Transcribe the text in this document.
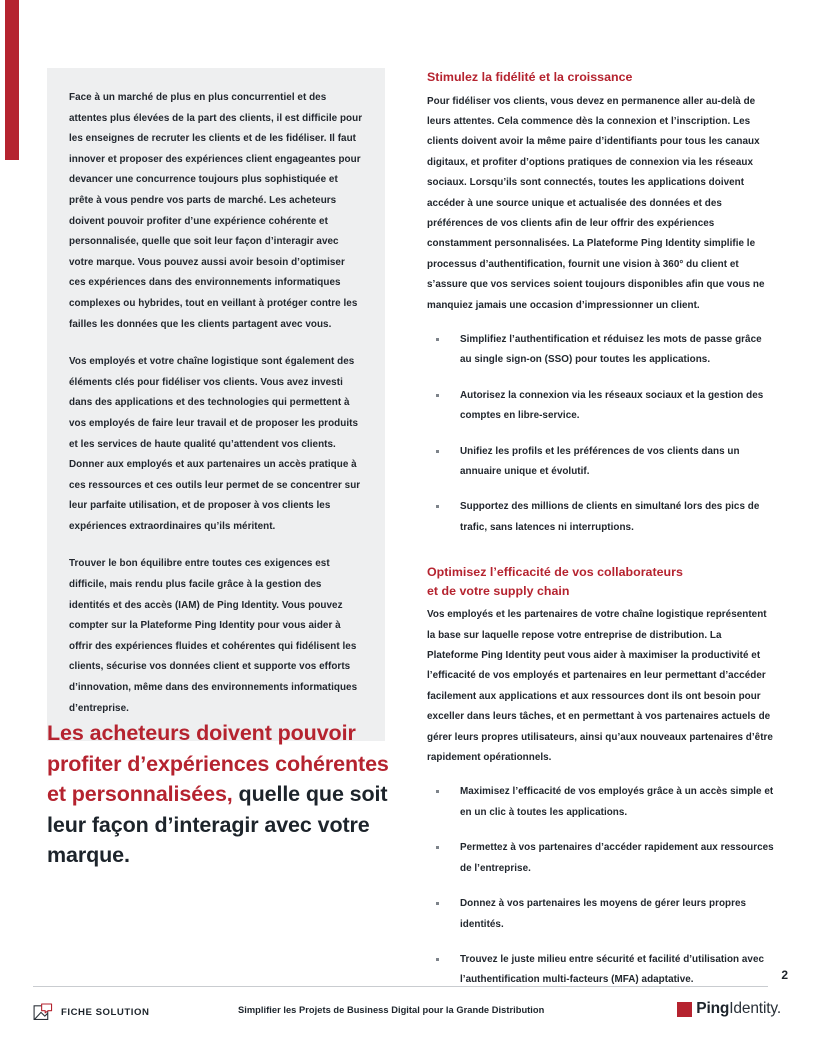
Face à un marché de plus en plus concurrentiel et des attentes plus élevées de la part des clients, il est difficile pour les enseignes de recruter les clients et de les fidéliser. Il faut innover et proposer des expériences client engageantes pour devancer une concurrence toujours plus sophistiquée et prête à vous pendre vos parts de marché. Les acheteurs doivent pouvoir profiter d’une expérience cohérente et personnalisée, quelle que soit leur façon d’interagir avec votre marque. Vous pouvez aussi avoir besoin d’optimiser ces expériences dans des environnements informatiques complexes ou hybrides, tout en veillant à protéger contre les failles les données que les clients partagent avec vous.

Vos employés et votre chaîne logistique sont également des éléments clés pour fidéliser vos clients. Vous avez investi dans des applications et des technologies qui permettent à vos employés de faire leur travail et de proposer les produits et les services de haute qualité qu’attendent vos clients. Donner aux employés et aux partenaires un accès pratique à ces ressources et ces outils leur permet de se concentrer sur leur parfaite utilisation, et de proposer à vos clients les expériences extraordinaires qu’ils méritent.

Trouver le bon équilibre entre toutes ces exigences est difficile, mais rendu plus facile grâce à la gestion des identités et des accès (IAM) de Ping Identity. Vous pouvez compter sur la Plateforme Ping Identity pour vous aider à offrir des expériences fluides et cohérentes qui fidélisent les clients, sécurise vos données client et supporte vos efforts d’innovation, même dans des environnements informatiques d’entreprise.

Les acheteurs doivent pouvoir profiter d’expériences cohérentes et personnalisées, quelle que soit leur façon d’interagir avec votre marque.
Stimulez la fidélité et la croissance

Pour fidéliser vos clients, vous devez en permanence aller au-delà de leurs attentes. Cela commence dès la connexion et l’inscription. Les clients doivent avoir la même paire d’identifiants pour tous les canaux digitaux, et profiter d’options pratiques de connexion via les réseaux sociaux. Lorsqu’ils sont connectés, toutes les applications doivent accéder à une source unique et actualisée des données et des préférences de vos clients afin de leur offrir des expériences constamment personnalisées. La Plateforme Ping Identity simplifie le processus d’authentification, fournit une vision à 360° du client et s’assure que vos services soient toujours disponibles afin que vous ne manquiez jamais une occasion d’impressionner un client.

Simplifiez l’authentification et réduisez les mots de passe grâce au single sign-on (SSO) pour toutes les applications.
Autorisez la connexion via les réseaux sociaux et la gestion des comptes en libre-service.
Unifiez les profils et les préférences de vos clients dans un annuaire unique et évolutif.
Supportez des millions de clients en simultané lors des pics de trafic, sans latences ni interruptions.
Optimisez l’efficacité de vos collaborateurs
et de votre supply chain

Vos employés et les partenaires de votre chaîne logistique représentent la base sur laquelle repose votre entreprise de distribution. La Plateforme Ping Identity peut vous aider à maximiser la productivité et l’efficacité de vos employés et partenaires en leur permettant d’accéder facilement aux applications et aux ressources dont ils ont besoin pour exceller dans leurs tâches, et en permettant à vos partenaires actuels de gérer leurs propres utilisateurs, ainsi qu’aux nouveaux partenaires d’être rapidement opérationnels.

Maximisez l’efficacité de vos employés grâce à un accès simple et en un clic à toutes les applications.
Permettez à vos partenaires d’accéder rapidement aux ressources de l’entreprise.
Donnez à vos partenaires les moyens de gérer leurs propres identités.
Trouvez le juste milieu entre sécurité et facilité d’utilisation avec l’authentification multi-facteurs (MFA) adaptative.	2
FICHE SOLUTION	Simplifier les Projets de Business Digital pour la Grande Distribution	Ping Identity.
